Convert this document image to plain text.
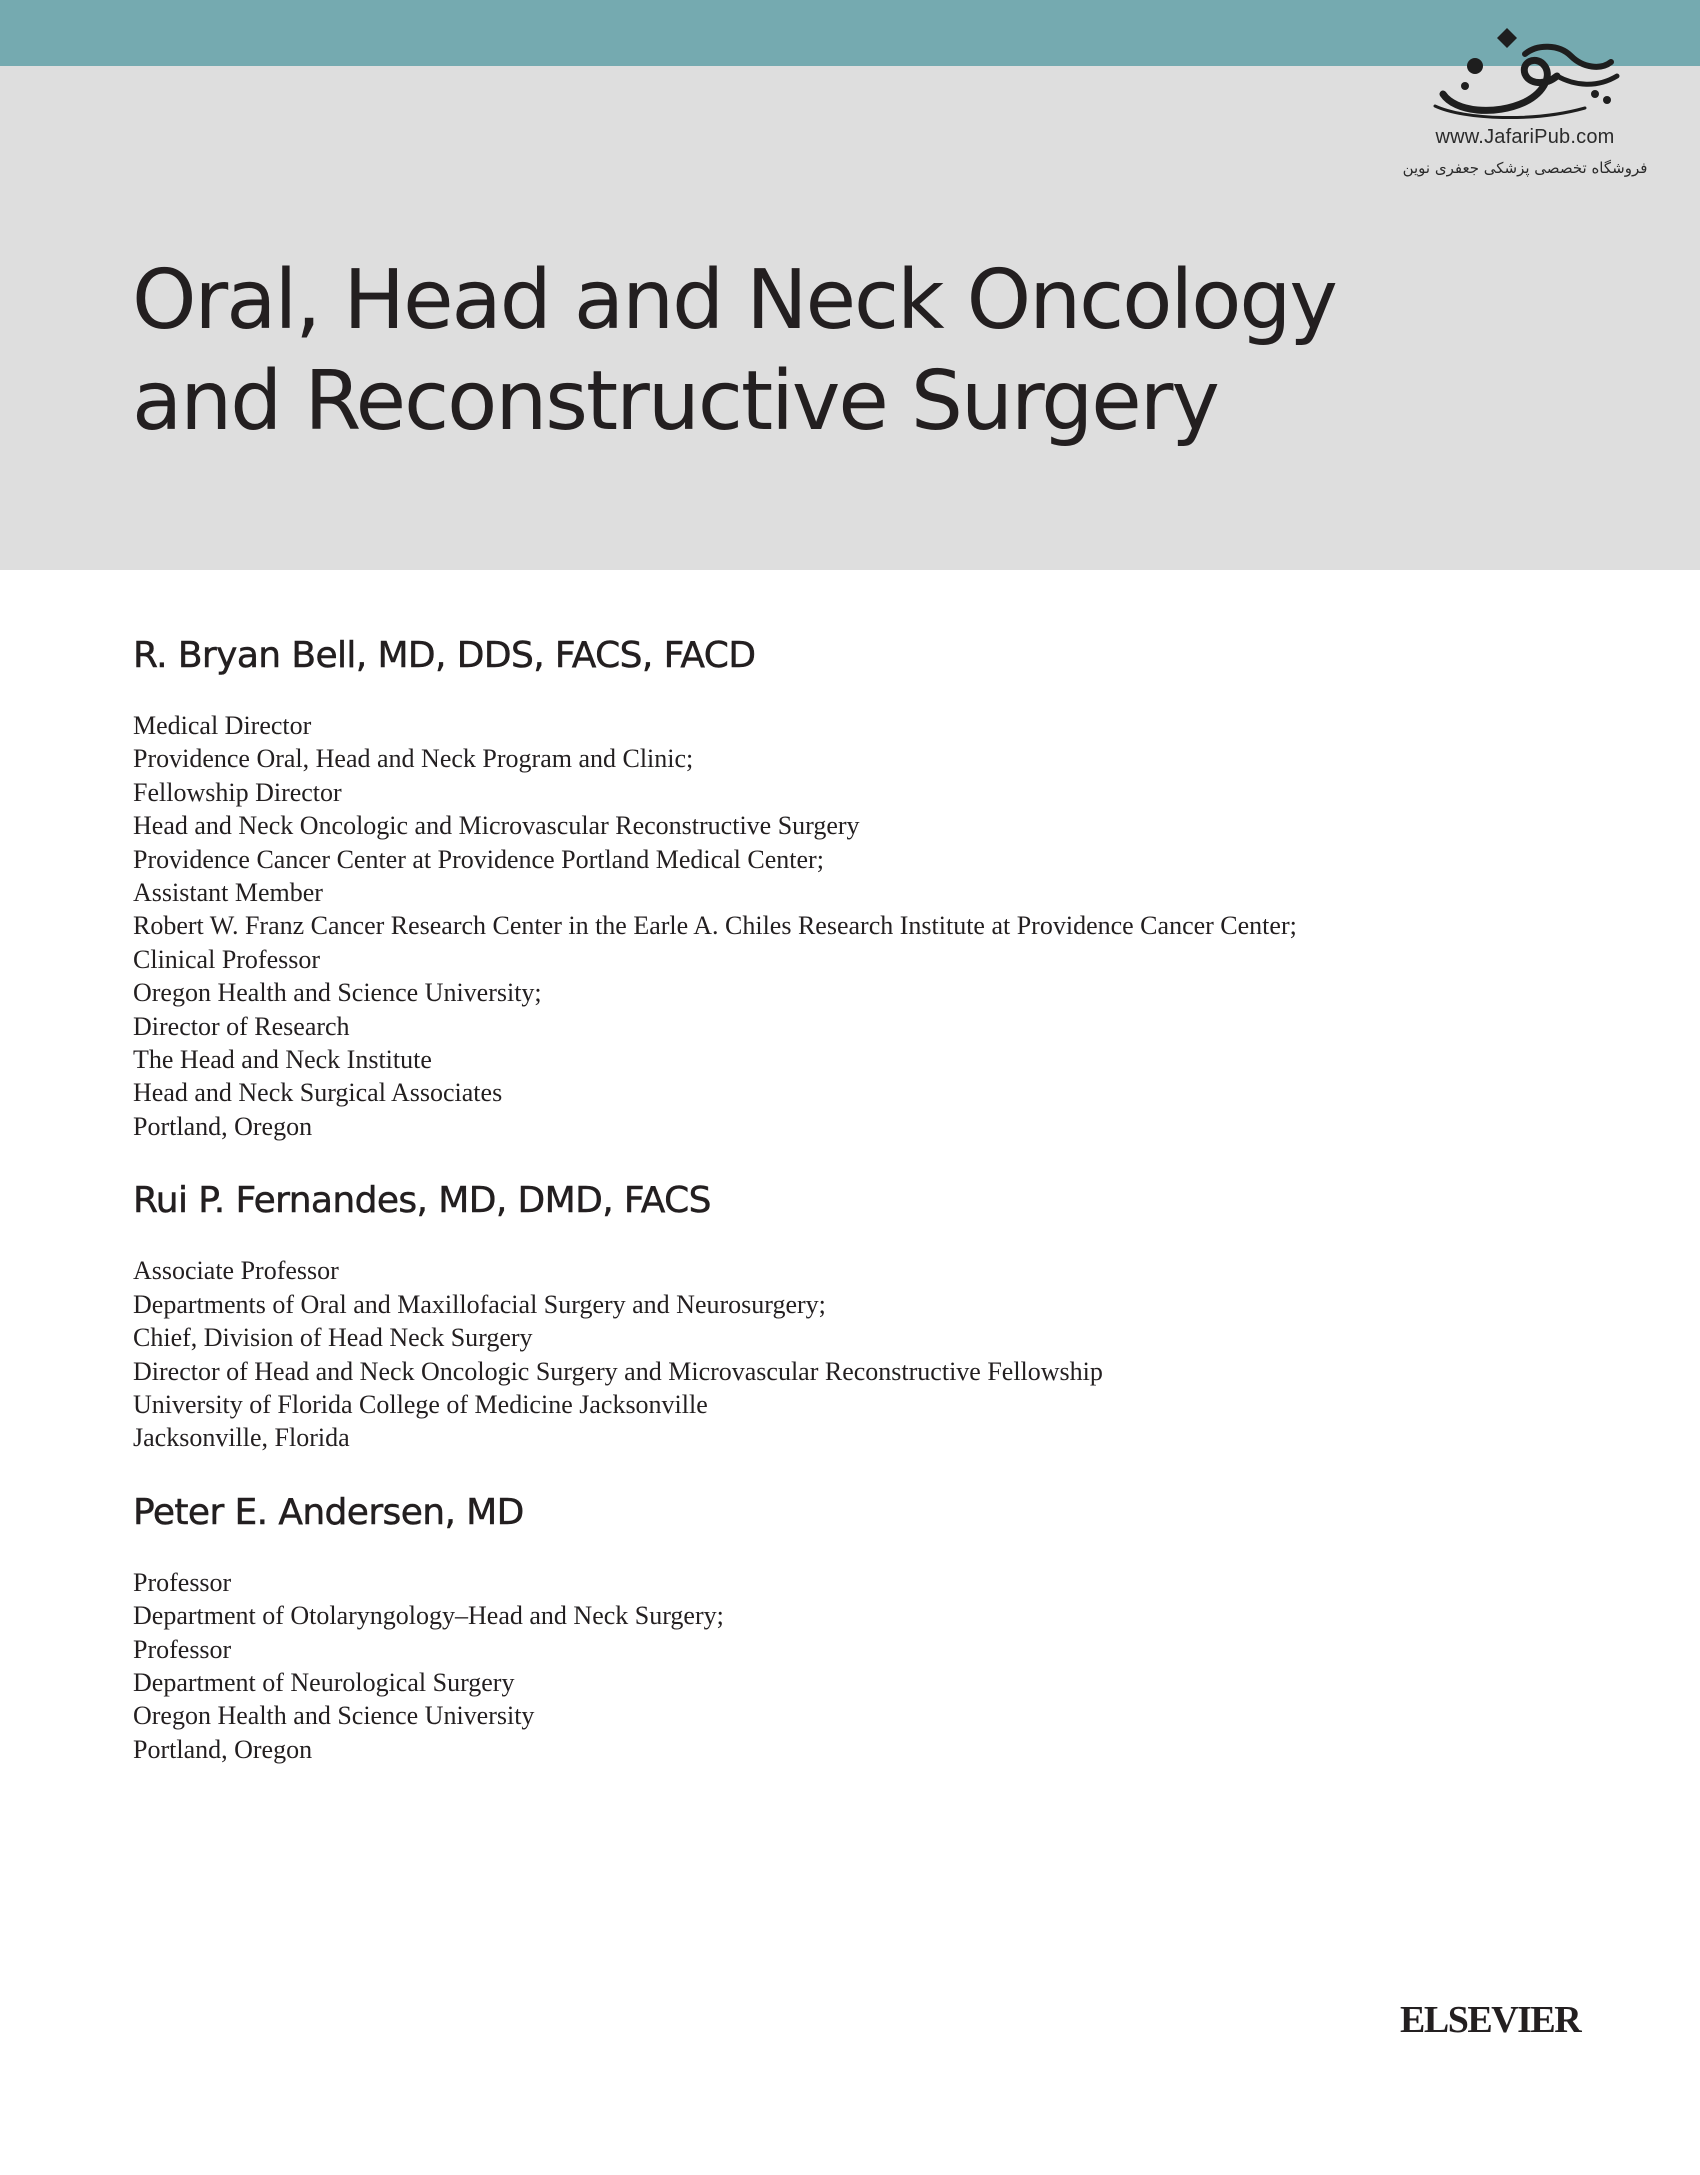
www.JafariPub.com
فروشگاه تخصصی پزشکی جعفری نوین
Oral, Head and Neck Oncology
and Reconstructive Surgery
R. Bryan Bell, MD, DDS, FACS, FACD
Medical Director
Providence Oral, Head and Neck Program and Clinic;
Fellowship Director
Head and Neck Oncologic and Microvascular Reconstructive Surgery
Providence Cancer Center at Providence Portland Medical Center;
Assistant Member
Robert W. Franz Cancer Research Center in the Earle A. Chiles Research Institute at Providence Cancer Center;
Clinical Professor
Oregon Health and Science University;
Director of Research
The Head and Neck Institute
Head and Neck Surgical Associates
Portland, Oregon
Rui P. Fernandes, MD, DMD, FACS
Associate Professor
Departments of Oral and Maxillofacial Surgery and Neurosurgery;
Chief, Division of Head Neck Surgery
Director of Head and Neck Oncologic Surgery and Microvascular Reconstructive Fellowship
University of Florida College of Medicine Jacksonville
Jacksonville, Florida
Peter E. Andersen, MD
Professor
Department of Otolaryngology–Head and Neck Surgery;
Professor
Department of Neurological Surgery
Oregon Health and Science University
Portland, Oregon
ELSEVIER
